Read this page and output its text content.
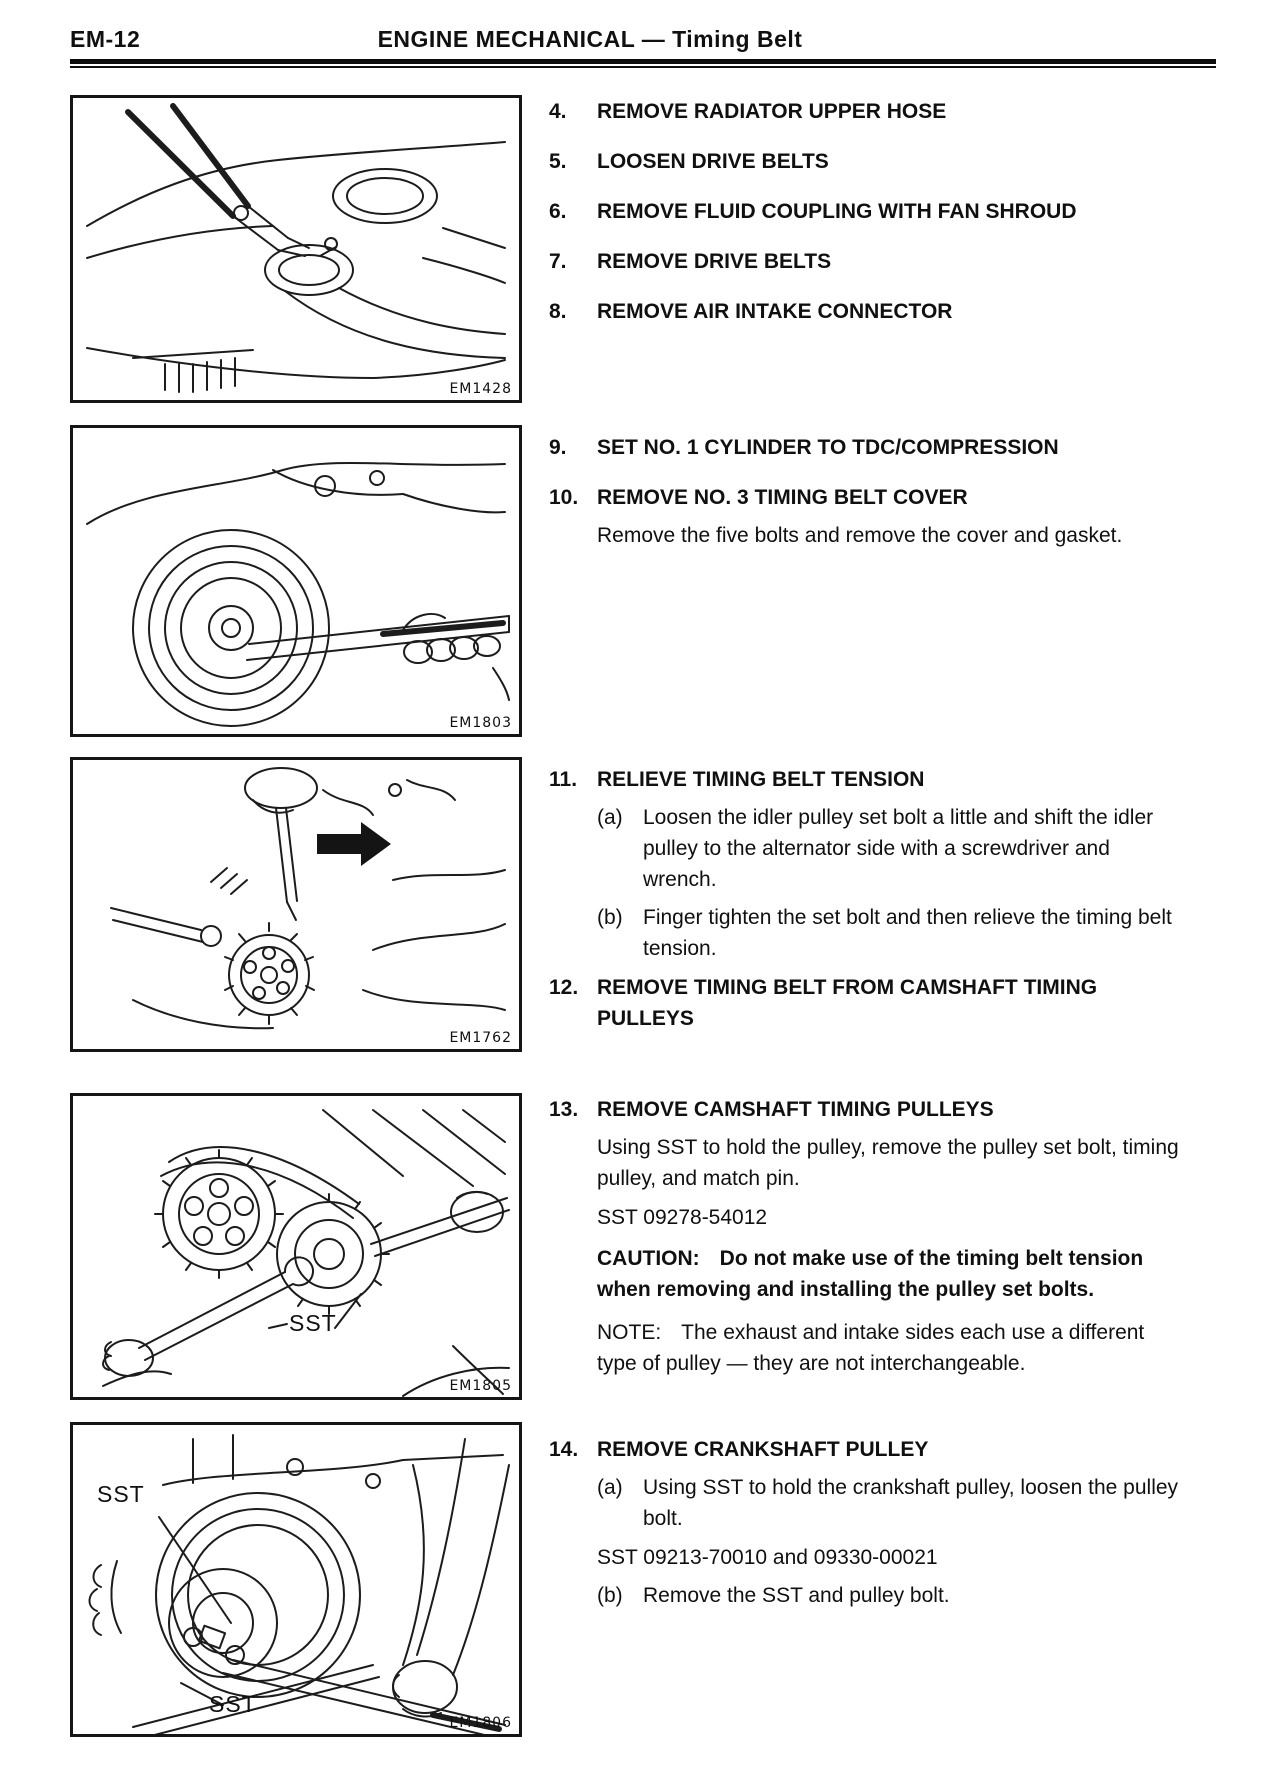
EM-12	ENGINE MECHANICAL — Timing Belt
EM1428
EM1803
EM1762
SST
EM1805
SST
SST
EM1806
4.	REMOVE RADIATOR UPPER HOSE
5.	LOOSEN DRIVE BELTS
6.	REMOVE FLUID COUPLING WITH FAN SHROUD
7.	REMOVE DRIVE BELTS
8.	REMOVE AIR INTAKE CONNECTOR
9.	SET NO. 1 CYLINDER TO TDC/COMPRESSION
10. REMOVE NO. 3 TIMING BELT COVER

Remove the five bolts and remove the cover and gasket.

11. RELIEVE TIMING BELT TENSION
(a) Loosen the idler pulley set bolt a little and shift the idler pulley to the alternator side with a screwdriver and wrench.
(b) Finger tighten the set bolt and then relieve the timing belt tension.
12. REMOVE TIMING BELT FROM CAMSHAFT TIMING PULLEYS
13. REMOVE CAMSHAFT TIMING PULLEYS

Using SST to hold the pulley, remove the pulley set bolt, timing pulley, and match pin.

SST 09278-54012

CAUTION: Do not make use of the timing belt tension when removing and installing the pulley set bolts.

NOTE: The exhaust and intake sides each use a different type of pulley — they are not interchangeable.

14. REMOVE CRANKSHAFT PULLEY
(a) Using SST to hold the crankshaft pulley, loosen the pulley bolt.

SST 09213-70010 and 09330-00021

(b) Remove the SST and pulley bolt.
